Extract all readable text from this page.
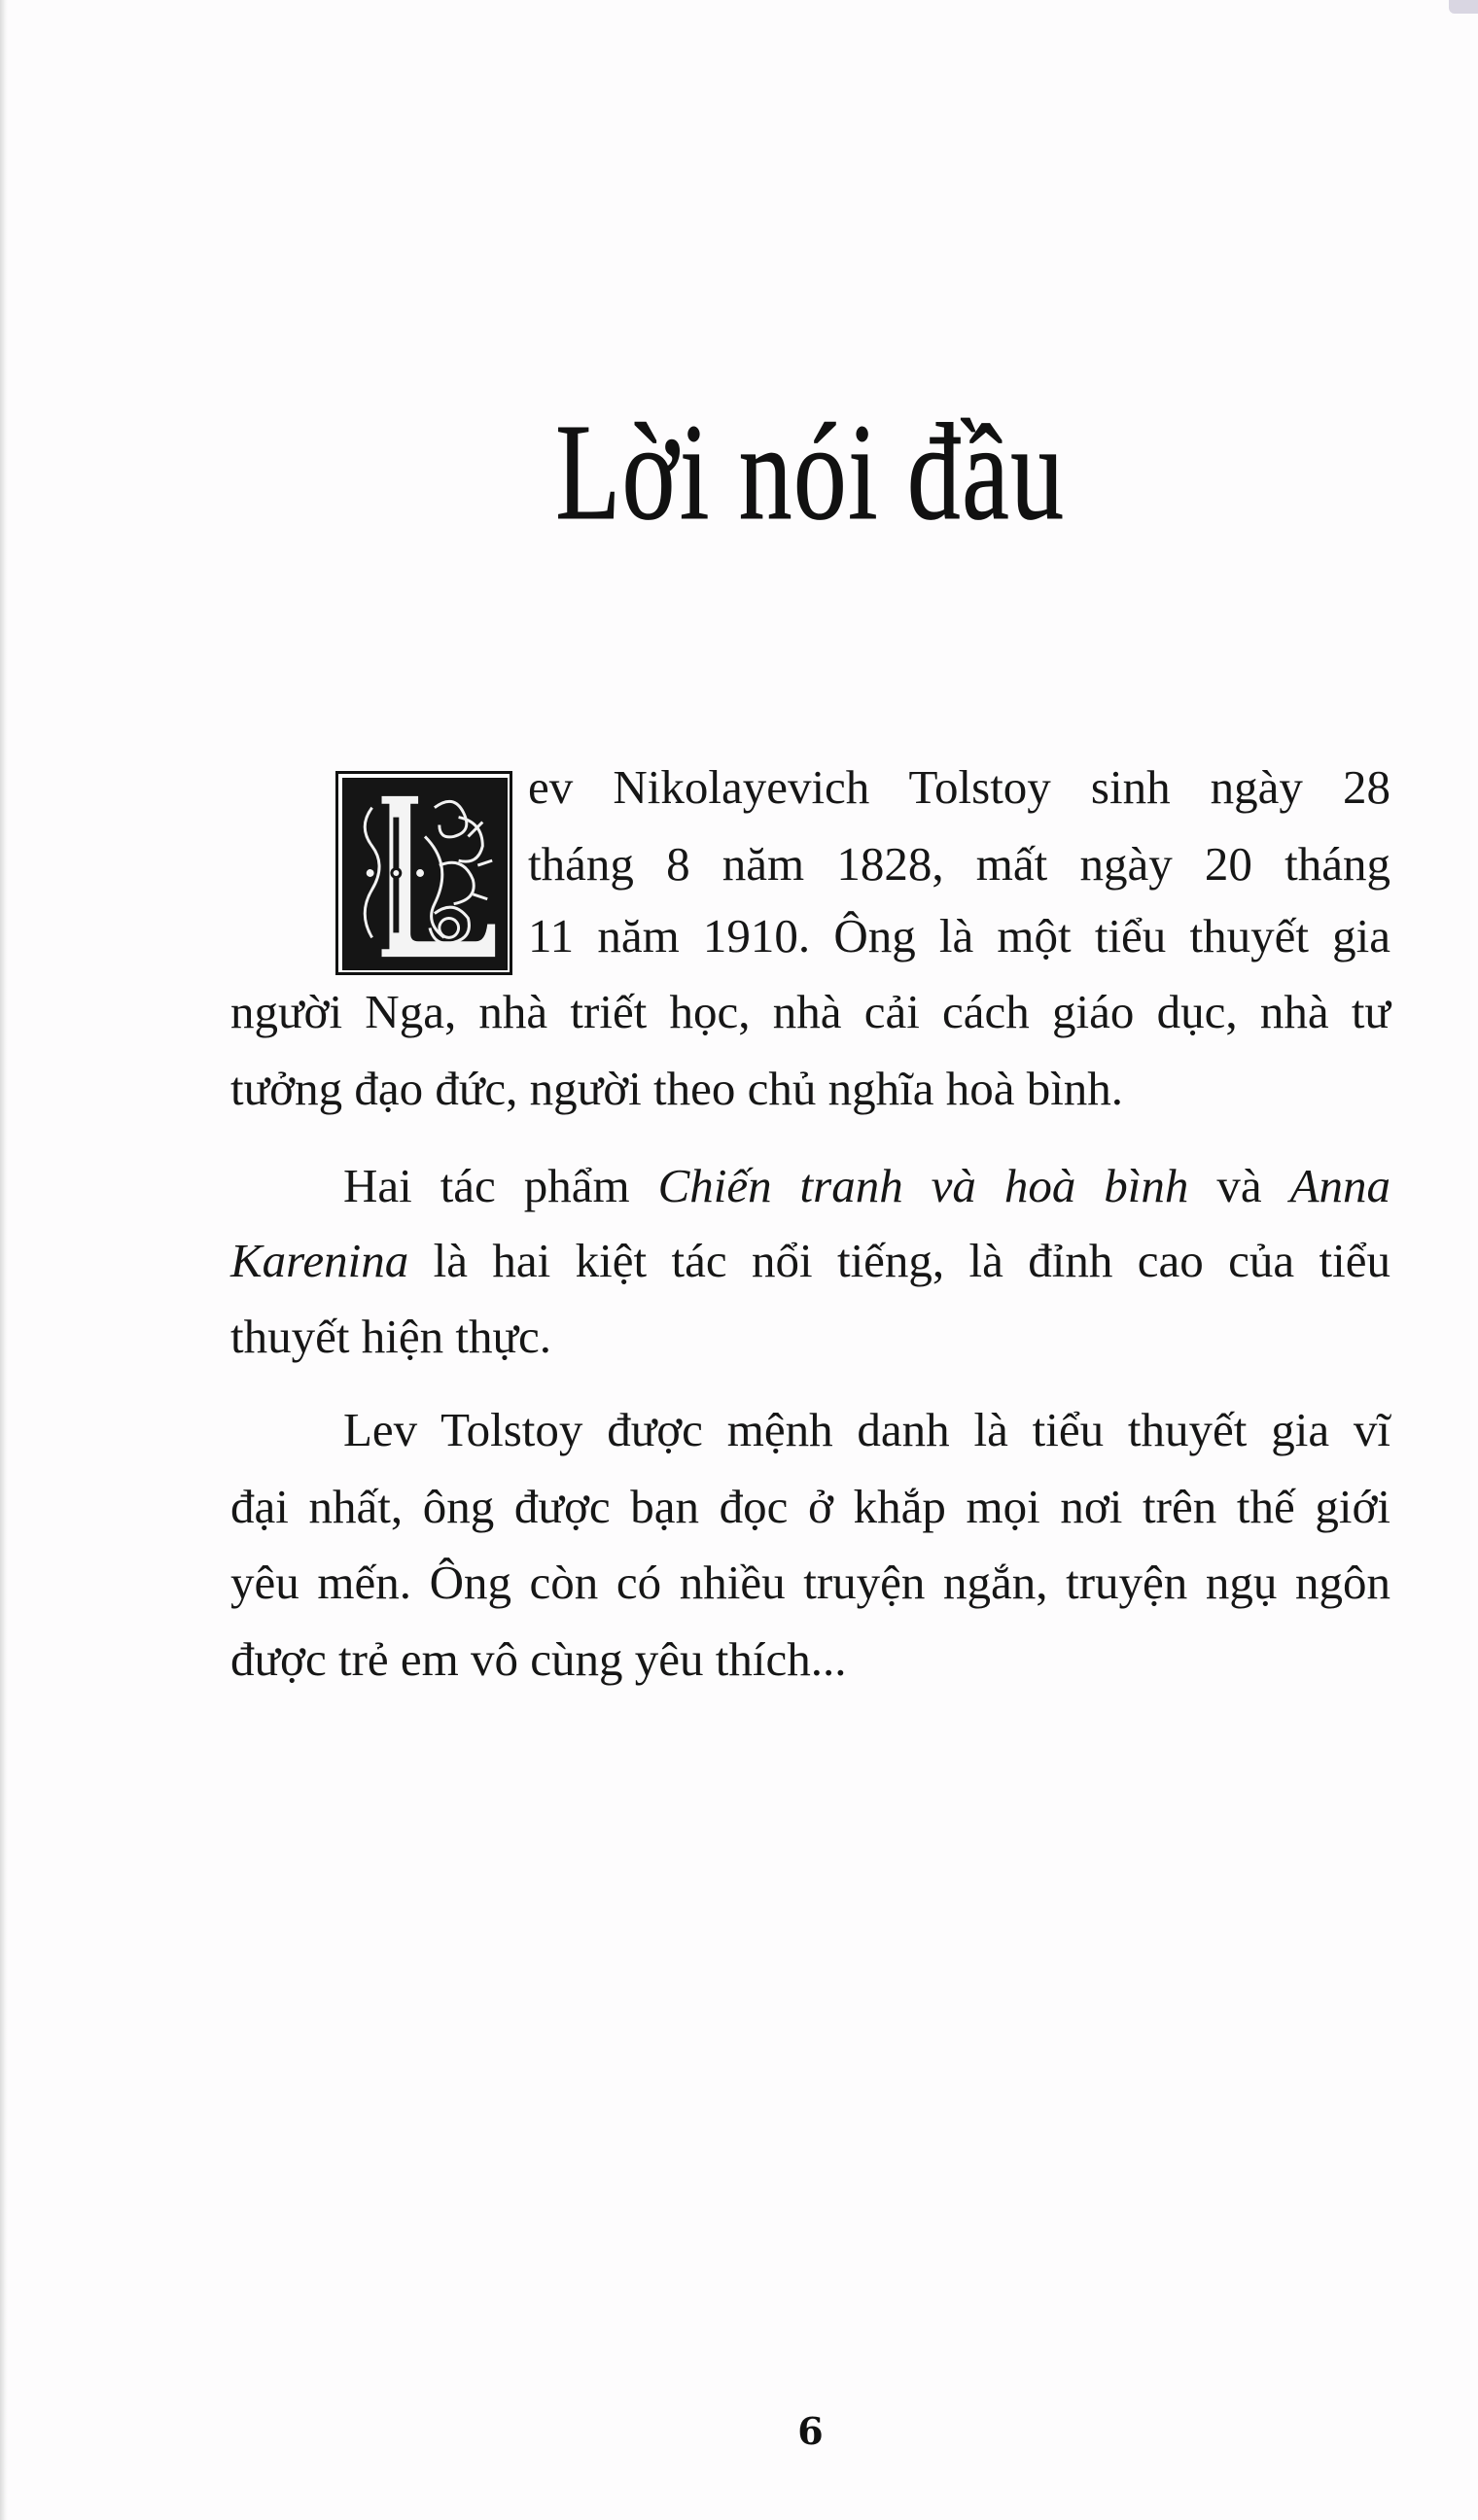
Lời nói đầu
ev Nikolayevich Tolstoy sinh ngày 28
tháng 8 năm 1828, mất ngày 20 tháng
11 năm 1910. Ông là một tiểu thuyết gia
người Nga, nhà triết học, nhà cải cách giáo dục, nhà tư
tưởng đạo đức, người theo chủ nghĩa hoà bình.
Hai tác phẩm Chiến tranh và hoà bình và Anna
Karenina là hai kiệt tác nổi tiếng, là đỉnh cao của tiểu
thuyết hiện thực.
Lev Tolstoy được mệnh danh là tiểu thuyết gia vĩ
đại nhất, ông được bạn đọc ở khắp mọi nơi trên thế giới
yêu mến. Ông còn có nhiều truyện ngắn, truyện ngụ ngôn
được trẻ em vô cùng yêu thích...
6
